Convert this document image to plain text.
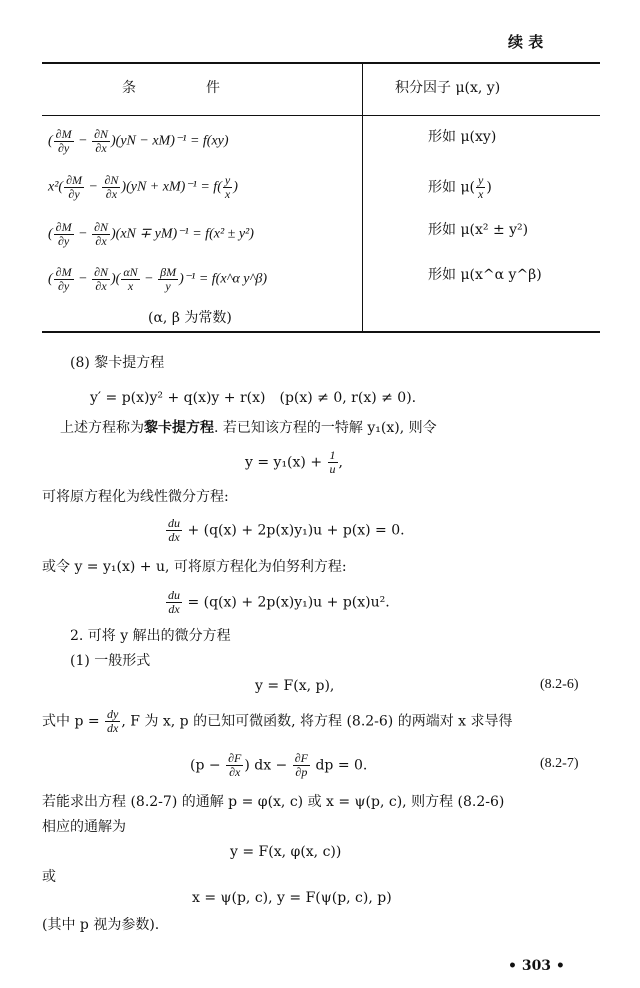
续 表
条　　　　　件	积分因子 μ(x, y)
( $\frac{\partial M}{\partial y} - \frac{\partial N}{\partial x} )(yN - xM)^{-1} = f(xy)$	形如 μ(xy)
$x^2( \frac{\partial M}{\partial y} - \frac{\partial N}{\partial x} )(yN + xM)^{-1} = f( \frac{y}{x}$ )	形如 $\mu( \frac{y}{x}$ )
( $\frac{\partial M}{\partial y} - \frac{\partial N}{\partial x} )(xN \mp yM)^{-1} = f(x^2 \pm y^2)$	形如 μ(x² ± y²)
( $\frac{\partial M}{\partial y} - \frac{\partial N}{\partial x}$ )( $\frac{\alpha N}{x} - \frac{\beta M}{y} )^{-1}$ = f(x^α y^β)	形如 μ(x^α y^β)
(α, β 为常数)
(8) 黎卡提方程
y′ = p(x)y² + q(x)y + r(x)　(p(x) ≠ 0, r(x) ≠ 0).
上述方程称为黎卡提方程. 若已知该方程的一特解 y₁(x), 则令
$y = y_1(x) + \frac{1}{u}$ ,
可将原方程化为线性微分方程:
$\frac{du}{dx} + (q(x) + 2p(x)y_1)u + p(x) = 0$.
或令 y = y₁(x) + u, 可将原方程化为伯努利方程:
$\frac{du}{dx} = (q(x) + 2p(x)y_1)u + p(x)u^2$.
2. 可将 y 解出的微分方程
(1) 一般形式
y = F(x, p),	(8.2-6)
式中 $p = \frac{dy}{dx}$ , F 为 x, p 的已知可微函数, 将方程 (8.2-6) 的两端对 x 求导得
($p - \frac{\partial F}{\partial x}$ ) dx − $\frac{\partial F}{\partial p}$ dp = 0.	(8.2-7)
若能求出方程 (8.2-7) 的通解 p = φ(x, c) 或 x = ψ(p, c), 则方程 (8.2-6)
相应的通解为
y = F(x, φ(x, c))
或
x = ψ(p, c), y = F(ψ(p, c), p)
(其中 p 视为参数).
• 303 •
